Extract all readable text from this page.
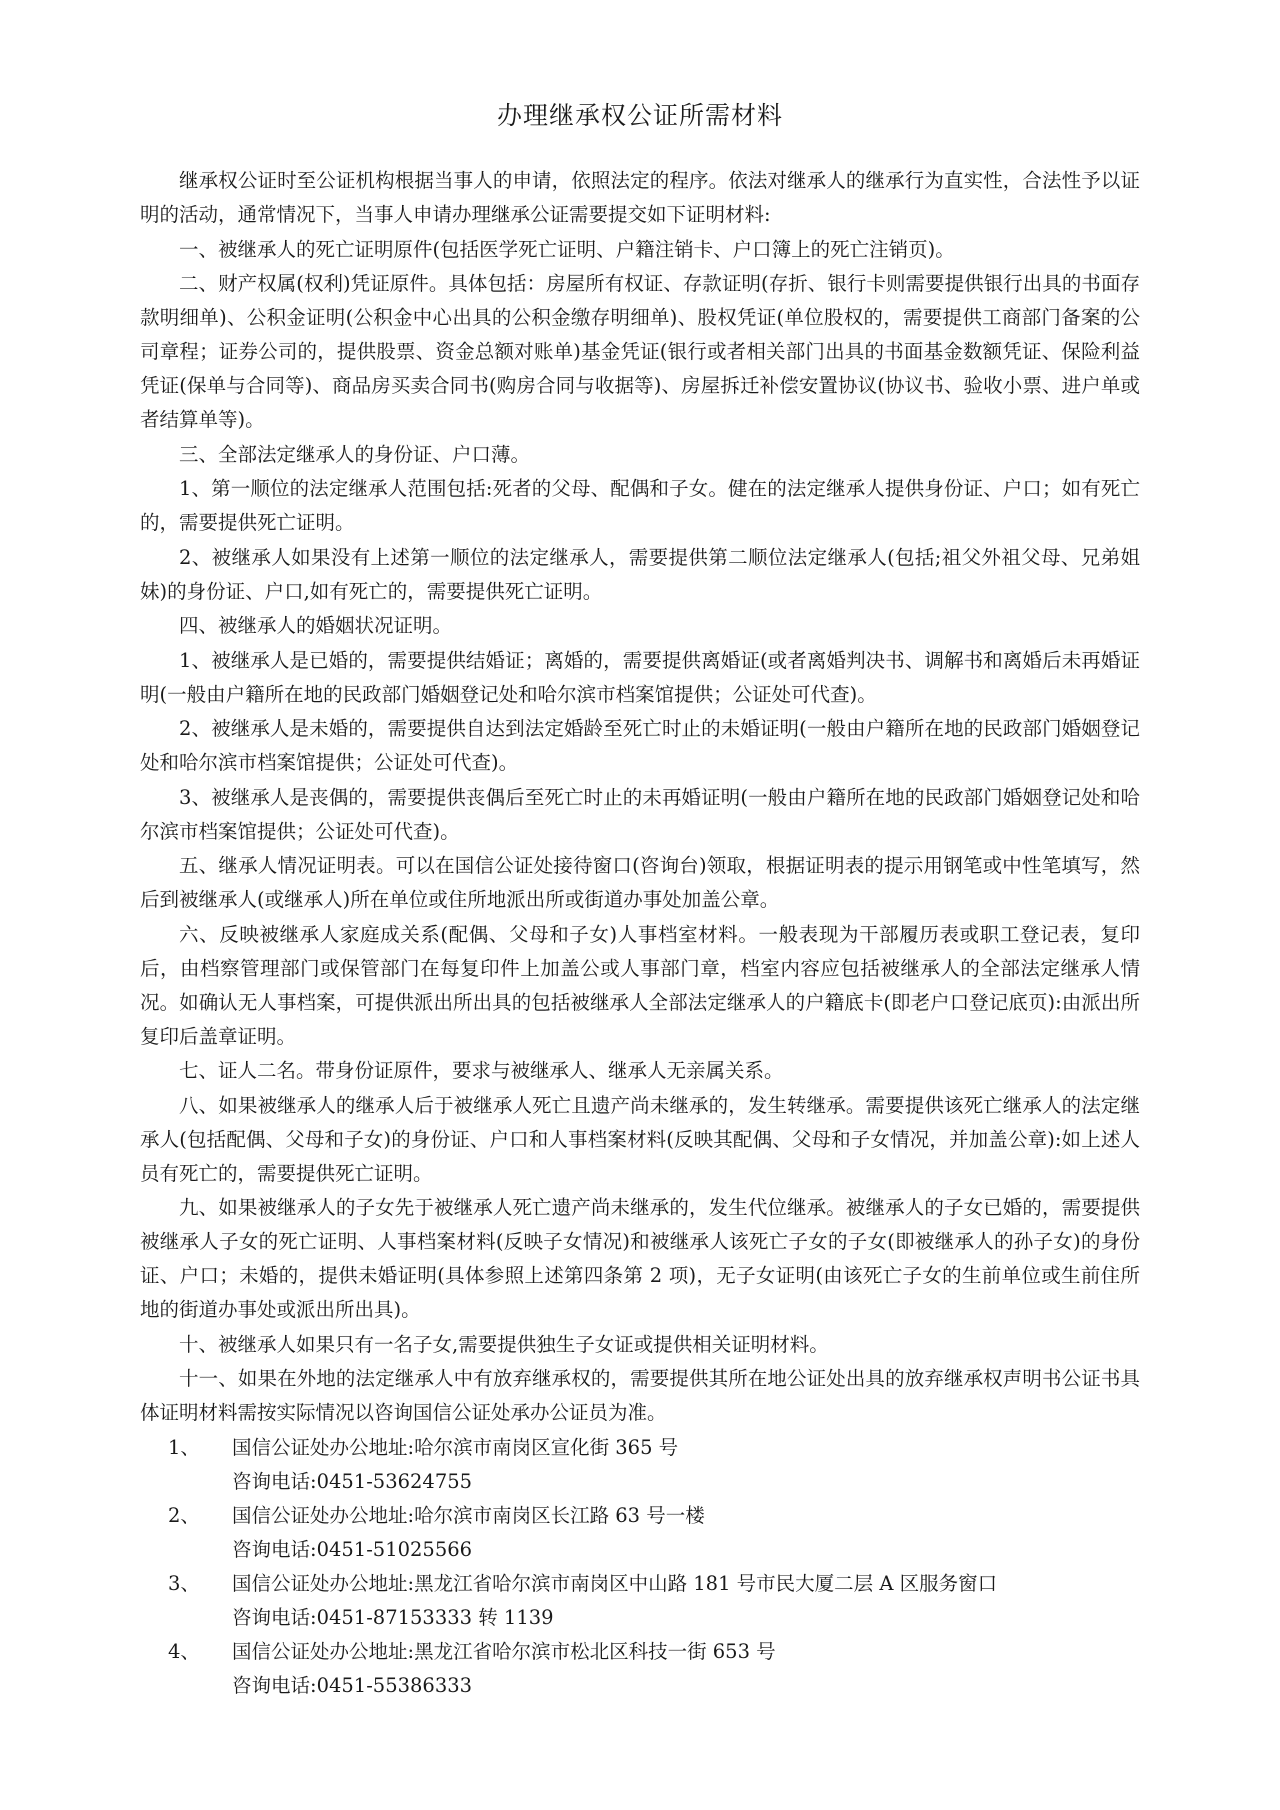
办理继承权公证所需材料

继承权公证时至公证机构根据当事人的申请，依照法定的程序。依法对继承人的继承行为直实性，合法性予以证明的活动，通常情况下，当事人申请办理继承公证需要提交如下证明材料:

一、被继承人的死亡证明原件(包括医学死亡证明、户籍注销卡、户口簿上的死亡注销页)。

二、财产权属(权利)凭证原件。具体包括：房屋所有权证、存款证明(存折、银行卡则需要提供银行出具的书面存款明细单)、公积金证明(公积金中心出具的公积金缴存明细单)、股权凭证(单位股权的，需要提供工商部门备案的公司章程；证券公司的，提供股票、资金总额对账单)基金凭证(银行或者相关部门出具的书面基金数额凭证、保险利益凭证(保单与合同等)、商品房买卖合同书(购房合同与收据等)、房屋拆迁补偿安置协议(协议书、验收小票、进户单或者结算单等)。

三、全部法定继承人的身份证、户口薄。

1、第一顺位的法定继承人范围包括:死者的父母、配偶和子女。健在的法定继承人提供身份证、户口；如有死亡的，需要提供死亡证明。

2、被继承人如果没有上述第一顺位的法定继承人，需要提供第二顺位法定继承人(包括;祖父外祖父母、兄弟姐妹)的身份证、户口,如有死亡的，需要提供死亡证明。

四、被继承人的婚姻状况证明。

1、被继承人是已婚的，需要提供结婚证；离婚的，需要提供离婚证(或者离婚判决书、调解书和离婚后未再婚证明(一般由户籍所在地的民政部门婚姻登记处和哈尔滨市档案馆提供；公证处可代查)。

2、被继承人是未婚的，需要提供自达到法定婚龄至死亡时止的未婚证明(一般由户籍所在地的民政部门婚姻登记处和哈尔滨市档案馆提供；公证处可代查)。

3、被继承人是丧偶的，需要提供丧偶后至死亡时止的未再婚证明(一般由户籍所在地的民政部门婚姻登记处和哈尔滨市档案馆提供；公证处可代查)。

五、继承人情况证明表。可以在国信公证处接待窗口(咨询台)领取，根据证明表的提示用钢笔或中性笔填写，然后到被继承人(或继承人)所在单位或住所地派出所或街道办事处加盖公章。

六、反映被继承人家庭成关系(配偶、父母和子女)人事档室材料。一般表现为干部履历表或职工登记表，复印后，由档察管理部门或保管部门在每复印件上加盖公或人事部门章，档室内容应包括被继承人的全部法定继承人情况。如确认无人事档案，可提供派出所出具的包括被继承人全部法定继承人的户籍底卡(即老户口登记底页):由派出所复印后盖章证明。

七、证人二名。带身份证原件，要求与被继承人、继承人无亲属关系。

八、如果被继承人的继承人后于被继承人死亡且遗产尚未继承的，发生转继承。需要提供该死亡继承人的法定继承人(包括配偶、父母和子女)的身份证、户口和人事档案材料(反映其配偶、父母和子女情况，并加盖公章):如上述人员有死亡的，需要提供死亡证明。

九、如果被继承人的子女先于被继承人死亡遗产尚未继承的，发生代位继承。被继承人的子女已婚的，需要提供被继承人子女的死亡证明、人事档案材料(反映子女情况)和被继承人该死亡子女的子女(即被继承人的孙子女)的身份证、户口；未婚的，提供未婚证明(具体参照上述第四条第 2 项)，无子女证明(由该死亡子女的生前单位或生前住所地的街道办事处或派出所出具)。

十、被继承人如果只有一名子女,需要提供独生子女证或提供相关证明材料。

十一、如果在外地的法定继承人中有放弃继承权的，需要提供其所在地公证处出具的放弃继承权声明书公证书具体证明材料需按实际情况以咨询国信公证处承办公证员为准。

1、	国信公证处办公地址:哈尔滨市南岗区宣化街 365 号
咨询电话:0451-53624755
2、	国信公证处办公地址:哈尔滨市南岗区长江路 63 号一楼
咨询电话:0451-51025566
3、	国信公证处办公地址:黑龙江省哈尔滨市南岗区中山路 181 号市民大厦二层 A 区服务窗口
咨询电话:0451-87153333 转 1139
4、	国信公证处办公地址:黑龙江省哈尔滨市松北区科技一街 653 号
咨询电话:0451-55386333
